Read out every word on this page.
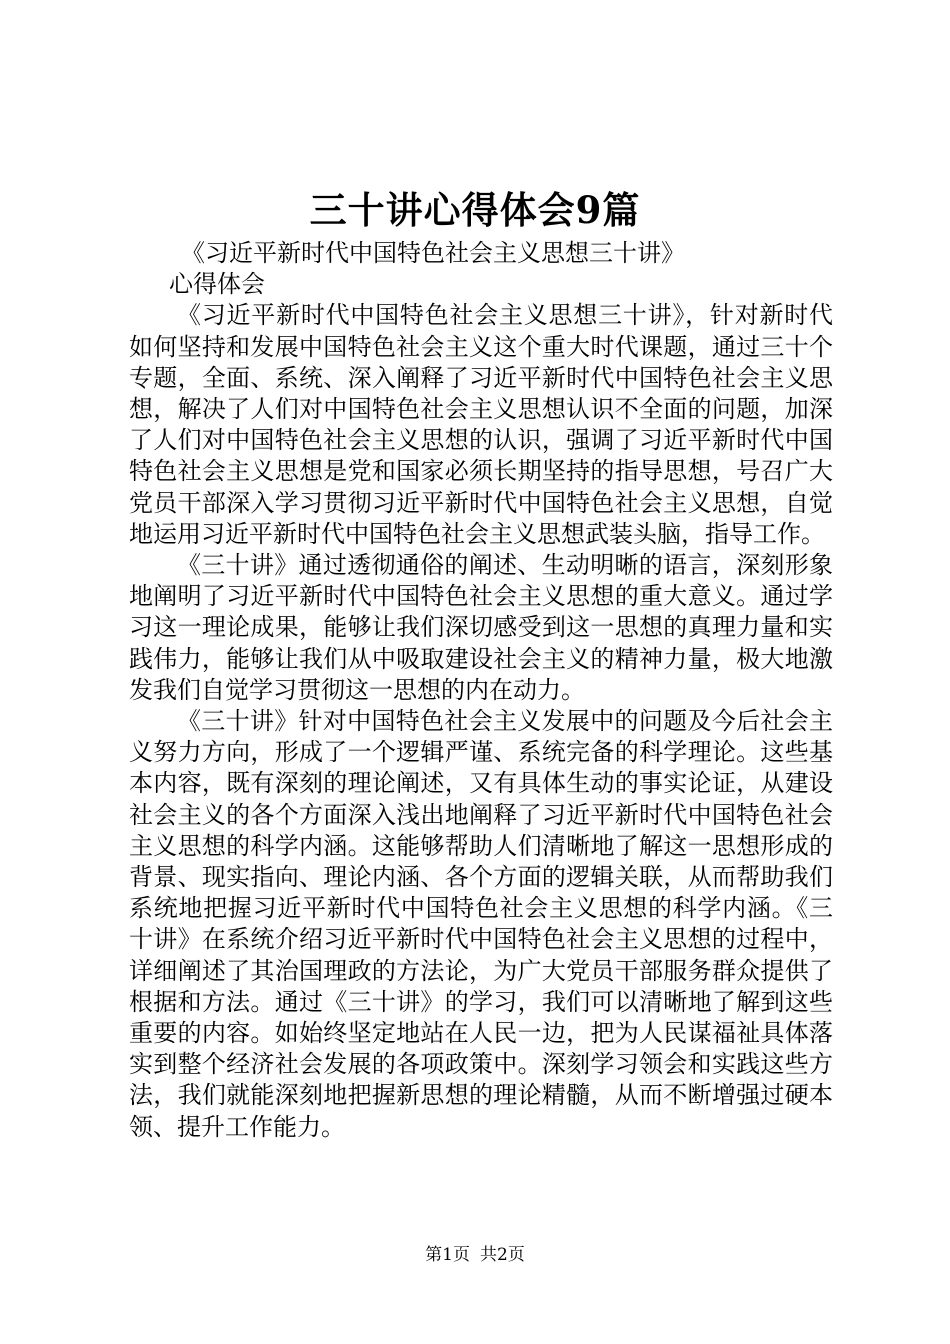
三十讲心得体会9篇

《习近平新时代中国特色社会主义思想三十讲》

心得体会

《习近平新时代中国特色社会主义思想三十讲》，针对新时代如何坚持和发展中国特色社会主义这个重大时代课题，通过三十个专题，全面、系统、深入阐释了习近平新时代中国特色社会主义思想，解决了人们对中国特色社会主义思想认识不全面的问题，加深了人们对中国特色社会主义思想的认识，强调了习近平新时代中国特色社会主义思想是党和国家必须长期坚持的指导思想，号召广大党员干部深入学习贯彻习近平新时代中国特色社会主义思想，自觉地运用习近平新时代中国特色社会主义思想武装头脑，指导工作。

《三十讲》通过透彻通俗的阐述、生动明晰的语言，深刻形象地阐明了习近平新时代中国特色社会主义思想的重大意义。通过学习这一理论成果，能够让我们深切感受到这一思想的真理力量和实践伟力，能够让我们从中吸取建设社会主义的精神力量，极大地激发我们自觉学习贯彻这一思想的内在动力。

《三十讲》针对中国特色社会主义发展中的问题及今后社会主义努力方向，形成了一个逻辑严谨、系统完备的科学理论。这些基本内容，既有深刻的理论阐述，又有具体生动的事实论证，从建设社会主义的各个方面深入浅出地阐释了习近平新时代中国特色社会主义思想的科学内涵。这能够帮助人们清晰地了解这一思想形成的背景、现实指向、理论内涵、各个方面的逻辑关联，从而帮助我们系统地把握习近平新时代中国特色社会主义思想的科学内涵。《三十讲》在系统介绍习近平新时代中国特色社会主义思想的过程中，详细阐述了其治国理政的方法论，为广大党员干部服务群众提供了根据和方法。通过《三十讲》的学习，我们可以清晰地了解到这些重要的内容。如始终坚定地站在人民一边，把为人民谋福祉具体落实到整个经济社会发展的各项政策中。深刻学习领会和实践这些方法，我们就能深刻地把握新思想的理论精髓，从而不断增强过硬本领、提升工作能力。

第1页 共2页
